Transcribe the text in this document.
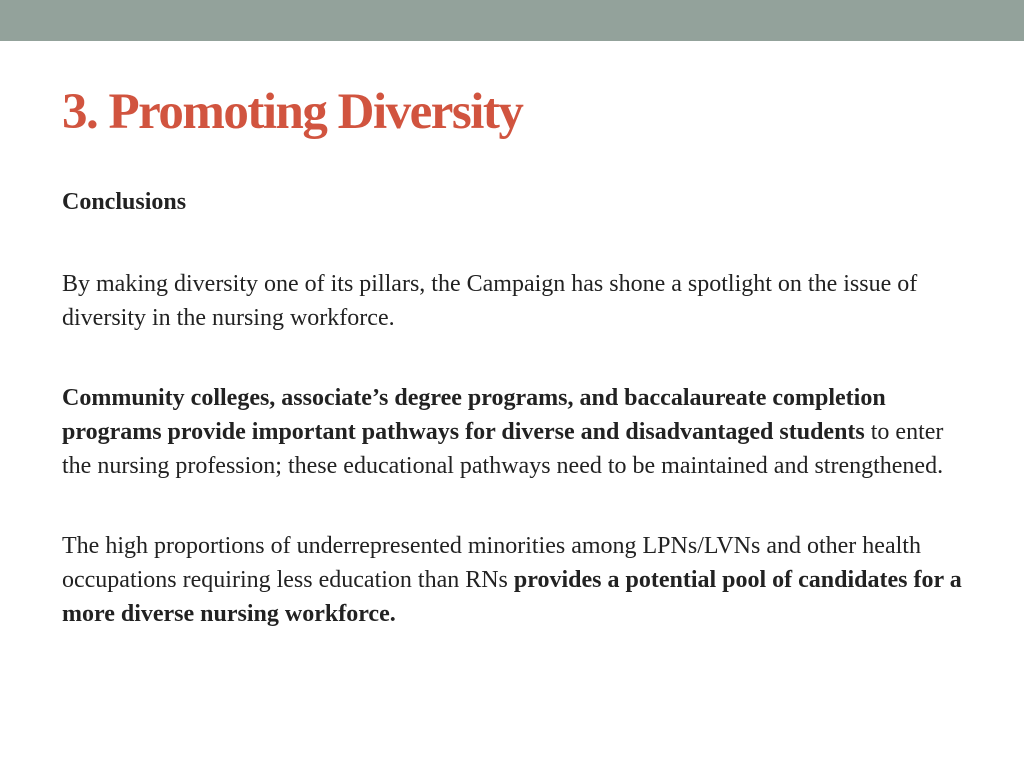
3. Promoting Diversity

Conclusions

By making diversity one of its pillars, the Campaign has shone a spotlight on the issue of diversity in the nursing workforce.

Community colleges, associate’s degree programs, and baccalaureate completion programs provide important pathways for diverse and disadvantaged students to enter the nursing profession; these educational pathways need to be maintained and strengthened.

The high proportions of underrepresented minorities among LPNs/LVNs and other health occupations requiring less education than RNs provides a potential pool of candidates for a more diverse nursing workforce.
